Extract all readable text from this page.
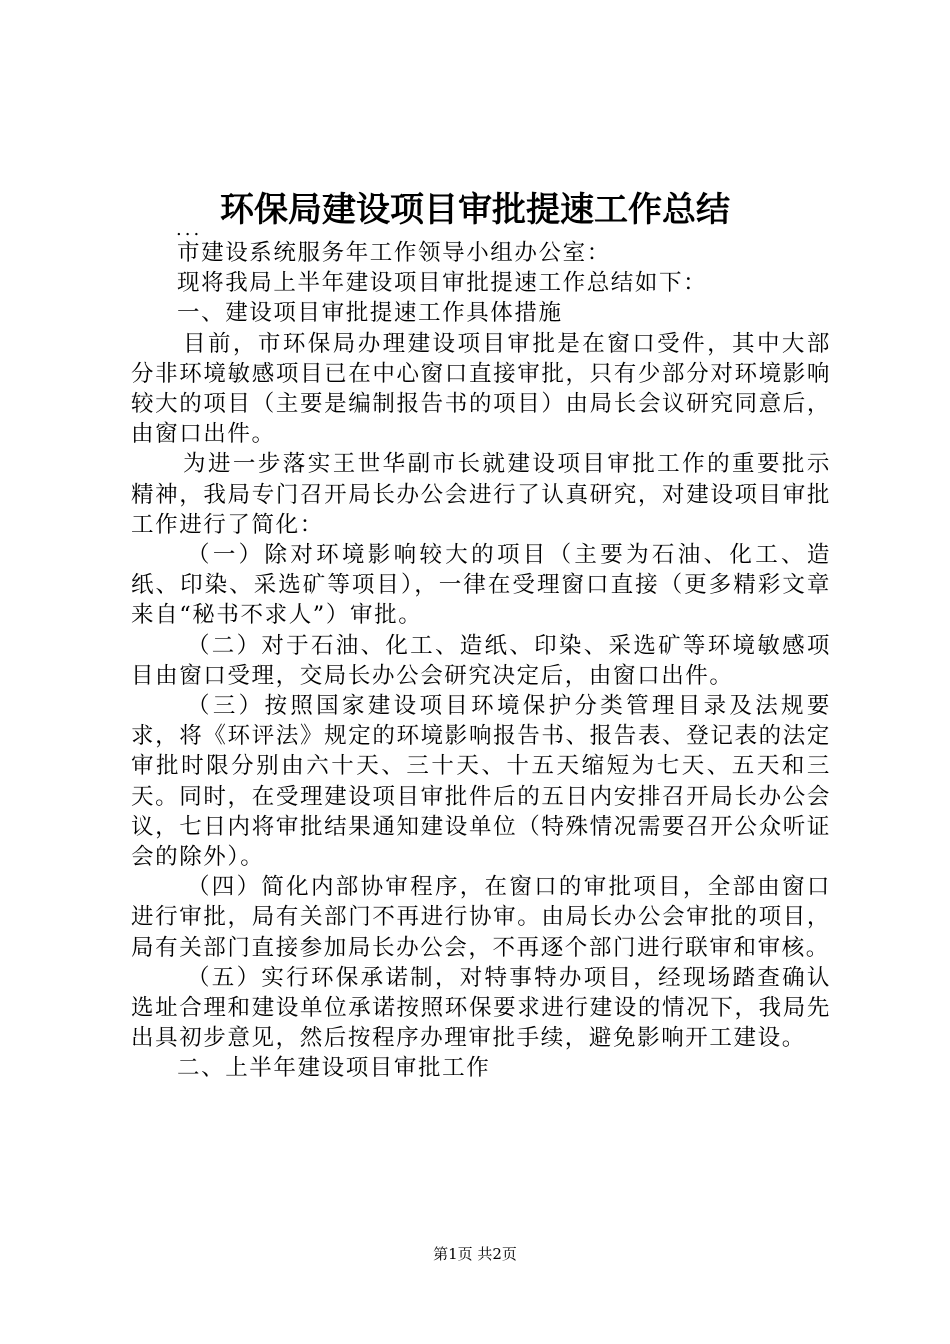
环保局建设项目审批提速工作总结
...

市建设系统服务年工作领导小组办公室：

现将我局上半年建设项目审批提速工作总结如下：

一、建设项目审批提速工作具体措施

目前，市环保局办理建设项目审批是在窗口受件，其中大部分非环境敏感项目已在中心窗口直接审批，只有少部分对环境影响较大的项目（主要是编制报告书的项目）由局长会议研究同意后，由窗口出件。

为进一步落实王世华副市长就建设项目审批工作的重要批示精神，我局专门召开局长办公会进行了认真研究，对建设项目审批工作进行了简化：

（一）除对环境影响较大的项目（主要为石油、化工、造纸、印染、采选矿等项目），一律在受理窗口直接（更多精彩文章来自“秘书不求人”）审批。

（二）对于石油、化工、造纸、印染、采选矿等环境敏感项目由窗口受理，交局长办公会研究决定后，由窗口出件。

（三）按照国家建设项目环境保护分类管理目录及法规要求，将《环评法》规定的环境影响报告书、报告表、登记表的法定审批时限分别由六十天、三十天、十五天缩短为七天、五天和三天。同时，在受理建设项目审批件后的五日内安排召开局长办公会议，七日内将审批结果通知建设单位（特殊情况需要召开公众听证会的除外）。

（四）简化内部协审程序，在窗口的审批项目，全部由窗口进行审批，局有关部门不再进行协审。由局长办公会审批的项目，局有关部门直接参加局长办公会，不再逐个部门进行联审和审核。

（五）实行环保承诺制，对特事特办项目，经现场踏查确认选址合理和建设单位承诺按照环保要求进行建设的情况下，我局先出具初步意见，然后按程序办理审批手续，避免影响开工建设。

二、上半年建设项目审批工作

第1页 共2页
